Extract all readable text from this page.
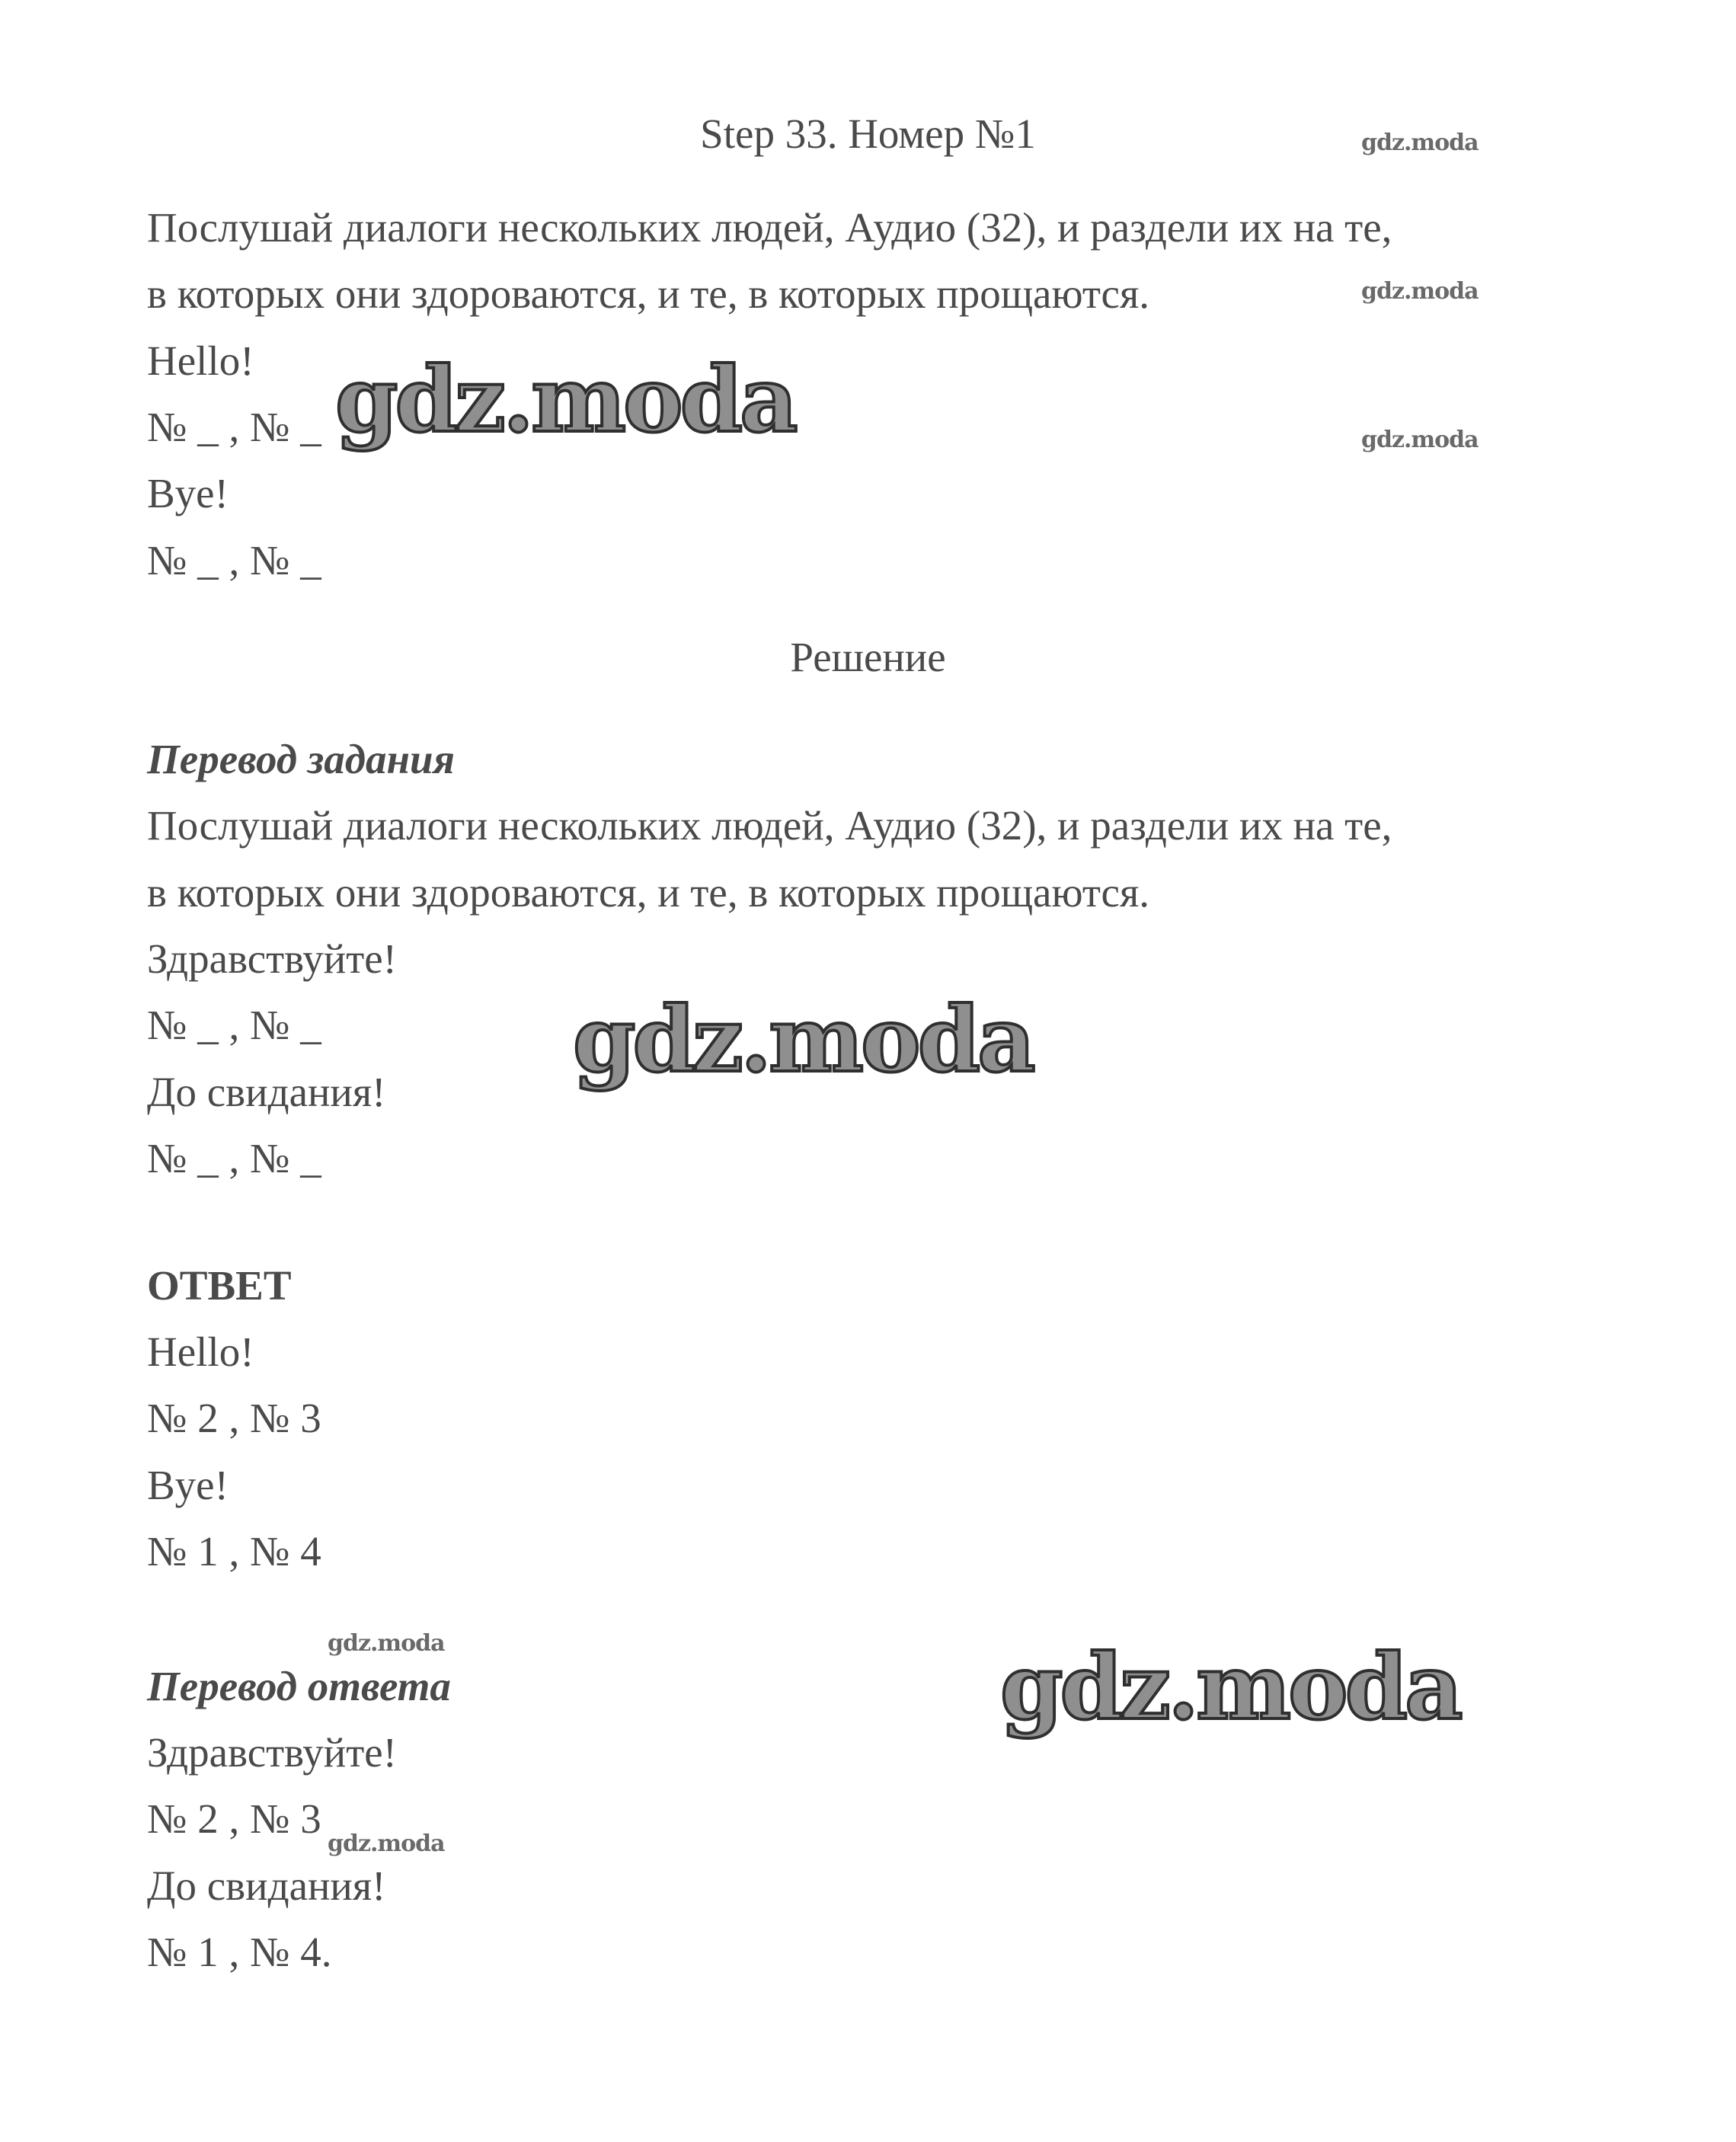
Step 33. Номер №1

Послушай диалоги нескольких людей, Аудио (32), и раздели их на те,

в которых они здороваются, и те, в которых прощаются.

Hello!

№ _ , № _

Bye!

№ _ , № _

Решение

Перевод задания

Послушай диалоги нескольких людей, Аудио (32), и раздели их на те,

в которых они здороваются, и те, в которых прощаются.

Здравствуйте!

№ _ , № _

До свидания!

№ _ , № _

ОТВЕТ

Hello!

№ 2 , № 3

Bye!

№ 1 , № 4

Перевод ответа

Здравствуйте!

№ 2 , № 3

До свидания!

№ 1 , № 4.

gdz.moda
gdz.moda
gdz.moda
gdz.moda
gdz.moda
gdz.moda
gdz.moda
gdz.moda
